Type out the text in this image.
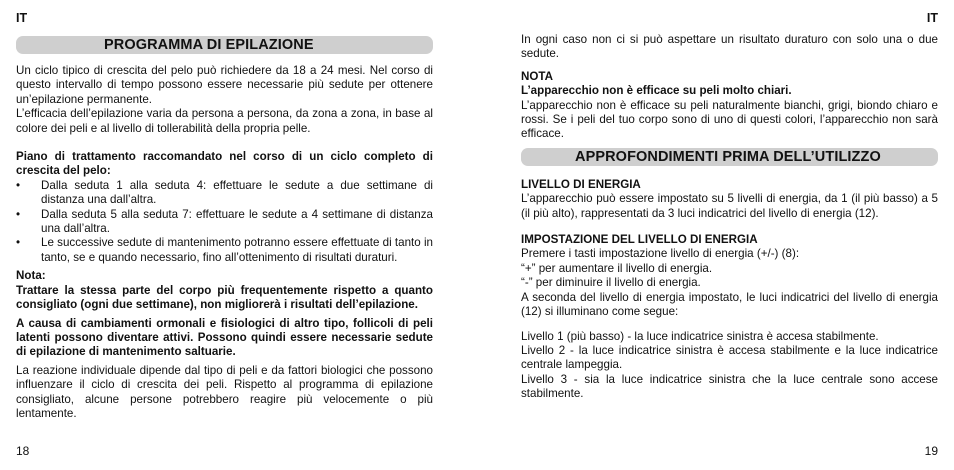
IT	IT
PROGRAMMA DI EPILAZIONE

Un ciclo tipico di crescita del pelo può richiedere da 18 a 24 mesi. Nel corso di questo intervallo di tempo possono essere necessarie più sedute per ottenere un’epilazione permanente.

L’efficacia dell’epilazione varia da persona a persona, da zona a zona, in base al colore dei peli e al livello di tollerabilità della propria pelle.

Piano di trattamento raccomandato nel corso di un ciclo completo di crescita del pelo:

• Dalla seduta 1 alla seduta 4: effettuare le sedute a due settimane di distanza una dall’altra.
• Dalla seduta 5 alla seduta 7: effettuare le sedute a 4 settimane di distanza una dall’altra.
• Le successive sedute di mantenimento potranno essere effettuate di tanto in tanto, se e quando necessario, fino all’ottenimento di risultati duraturi.

Nota:

Trattare la stessa parte del corpo più frequentemente rispetto a quanto consigliato (ogni due settimane), non migliorerà i risultati dell’epilazione.

A causa di cambiamenti ormonali e fisiologici di altro tipo, follicoli di peli latenti possono diventare attivi. Possono quindi essere necessarie sedute di epilazione di mantenimento saltuarie.

La reazione individuale dipende dal tipo di peli e da fattori biologici che possono influenzare il ciclo di crescita dei peli. Rispetto al programma di epilazione consigliato, alcune persone potrebbero reagire più velocemente o più lentamente.

In ogni caso non ci si può aspettare un risultato duraturo con solo una o due sedute.

NOTA

L’apparecchio non è efficace su peli molto chiari.

L’apparecchio non è efficace su peli naturalmente bianchi, grigi, biondo chiaro e rossi. Se i peli del tuo corpo sono di uno di questi colori, l’apparecchio non sarà efficace.

APPROFONDIMENTI PRIMA DELL’UTILIZZO

LIVELLO DI ENERGIA

L’apparecchio può essere impostato su 5 livelli di energia, da 1 (il più basso) a 5 (il più alto), rappresentati da 3 luci indicatrici del livello di energia (12).

IMPOSTAZIONE DEL LIVELLO DI ENERGIA

Premere i tasti impostazione livello di energia (+/-) (8):

“+” per aumentare il livello di energia.

“-” per diminuire il livello di energia.

A seconda del livello di energia impostato, le luci indicatrici del livello di energia (12) si illuminano come segue:

Livello 1 (più basso) - la luce indicatrice sinistra è accesa stabilmente.

Livello 2 - la luce indicatrice sinistra è accesa stabilmente e la luce indicatrice centrale lampeggia.

Livello 3 - sia la luce indicatrice sinistra che la luce centrale sono accese stabilmente.

18	19
